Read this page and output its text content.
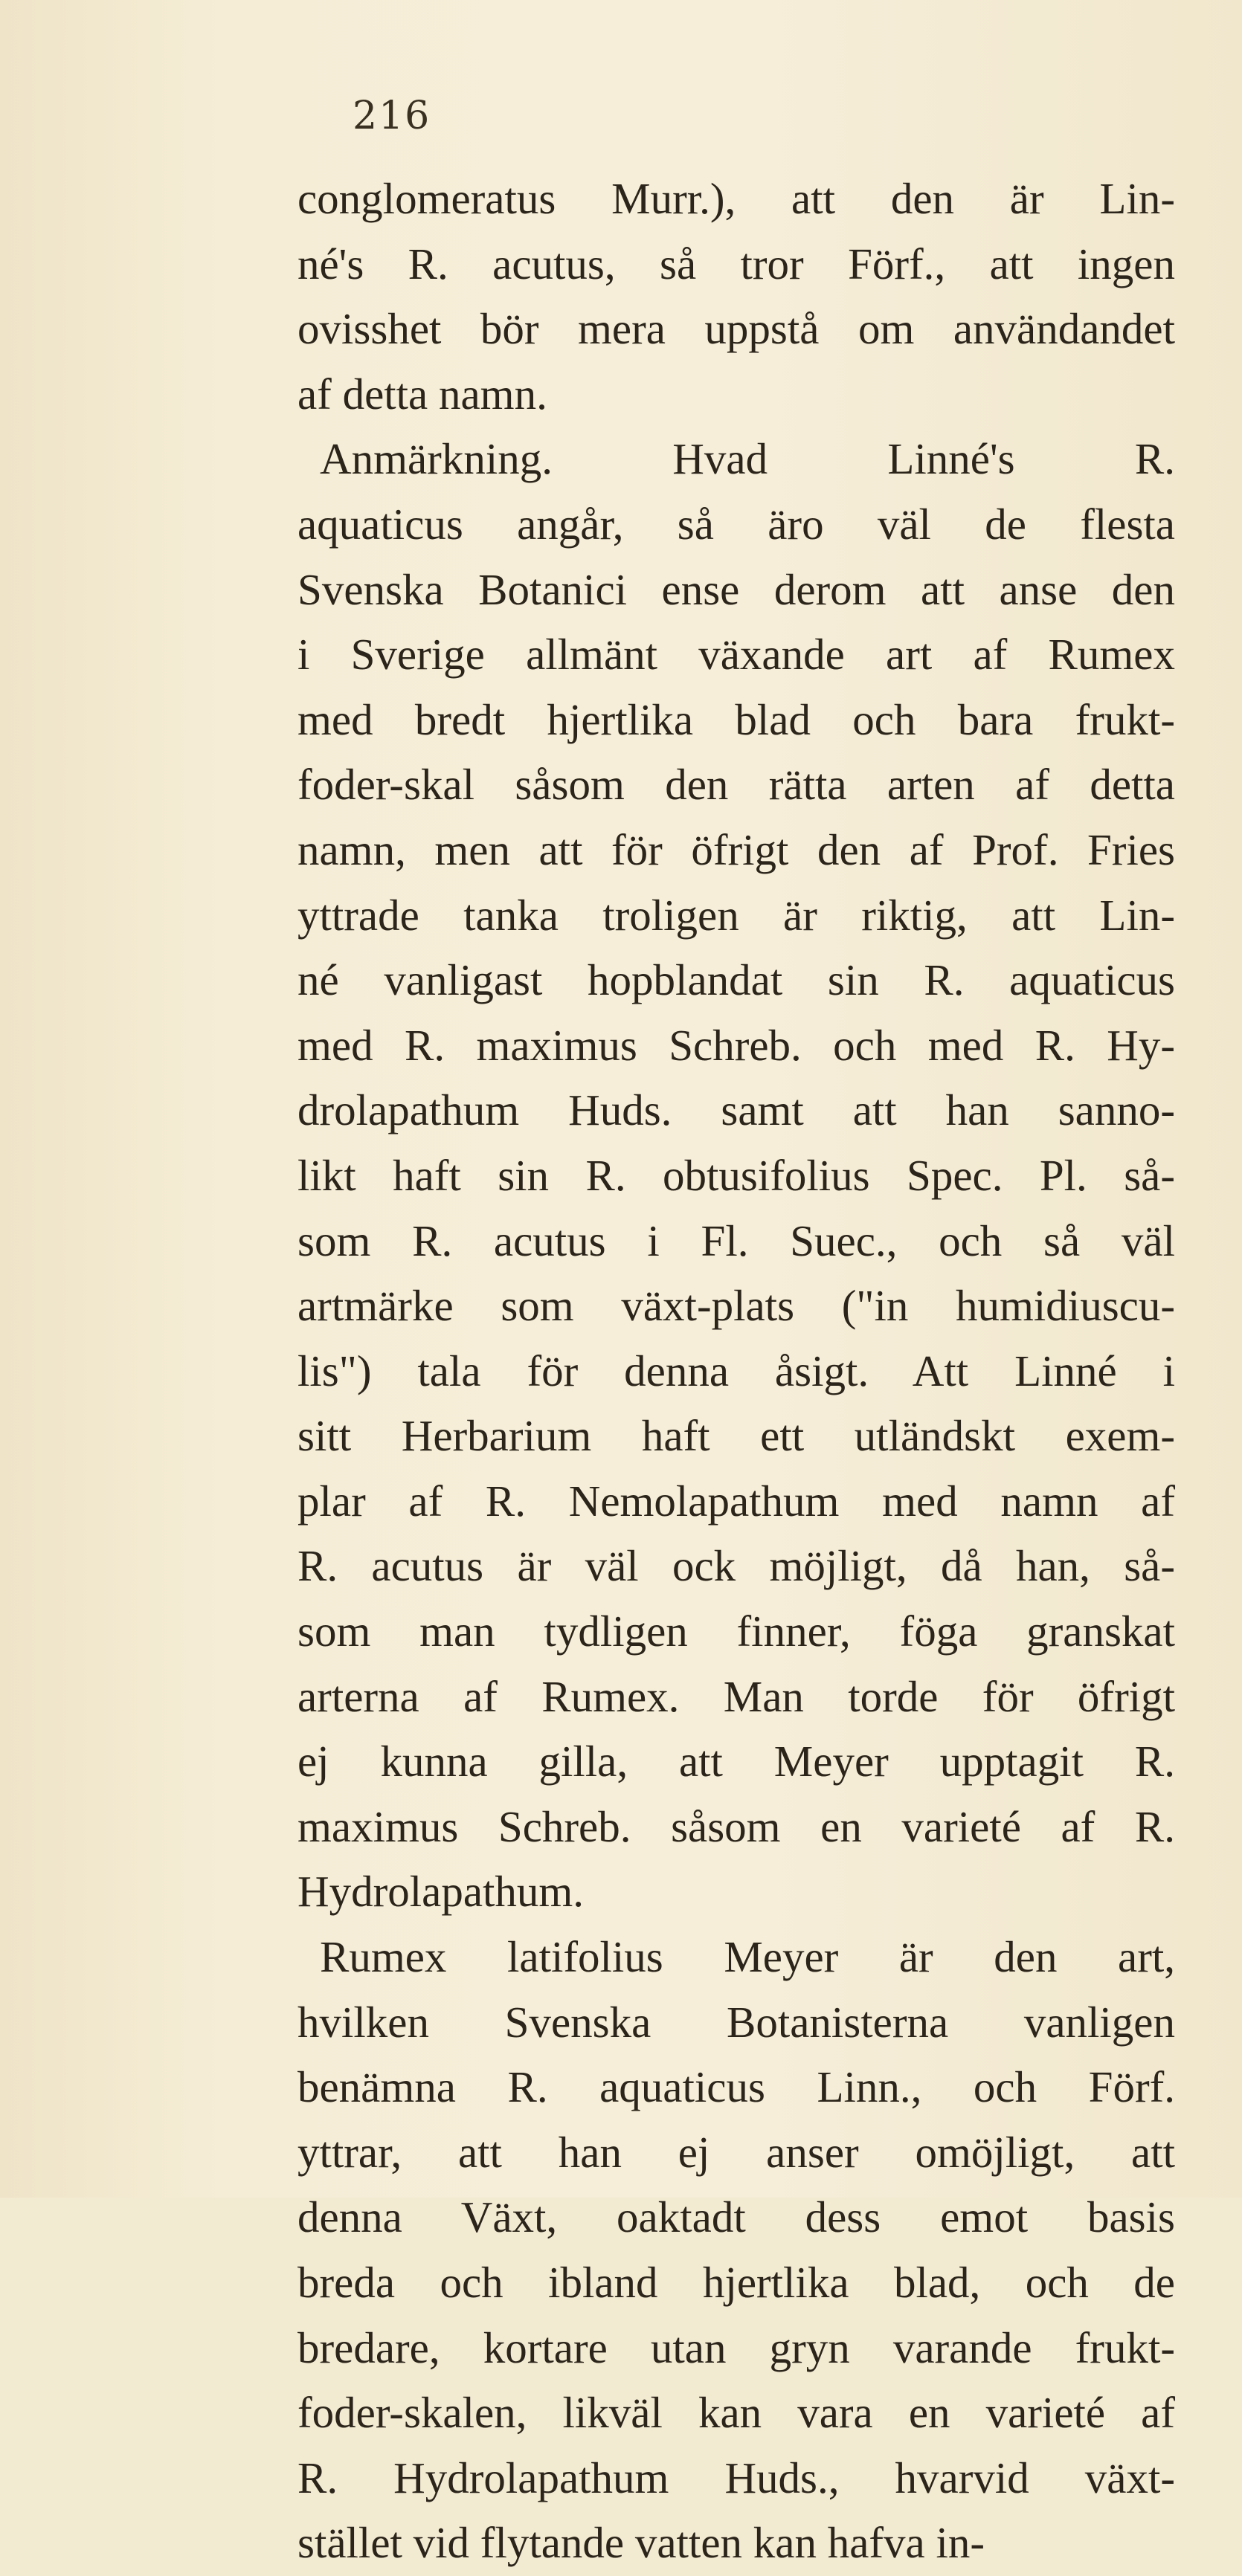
216
conglomeratus Murr.), att den är Lin-
né's R. acutus, så tror Förf., att ingen
ovisshet bör mera uppstå om användandet
af detta namn.
Anmärkning. Hvad Linné's R.
aquaticus angår, så äro väl de flesta
Svenska Botanici ense derom att anse den
i Sverige allmänt växande art af Rumex
med bredt hjertlika blad och bara frukt-
foder-skal såsom den rätta arten af detta
namn, men att för öfrigt den af Prof. Fries
yttrade tanka troligen är riktig, att Lin-
né vanligast hopblandat sin R. aquaticus
med R. maximus Schreb. och med R. Hy-
drolapathum Huds. samt att han sanno-
likt haft sin R. obtusifolius Spec. Pl. så-
som R. acutus i Fl. Suec., och så väl
artmärke som växt-plats ("in humidiuscu-
lis") tala för denna åsigt. Att Linné i
sitt Herbarium haft ett utländskt exem-
plar af R. Nemolapathum med namn af
R. acutus är väl ock möjligt, då han, så-
som man tydligen finner, föga granskat
arterna af Rumex. Man torde för öfrigt
ej kunna gilla, att Meyer upptagit R.
maximus Schreb. såsom en varieté af R.
Hydrolapathum.
Rumex latifolius Meyer är den art,
hvilken Svenska Botanisterna vanligen
benämna R. aquaticus Linn., och Förf.
yttrar, att han ej anser omöjligt, att
denna Växt, oaktadt dess emot basis
breda och ibland hjertlika blad, och de
bredare, kortare utan gryn varande frukt-
foder-skalen, likväl kan vara en varieté af
R. Hydrolapathum Huds., hvarvid växt-
stället vid flytande vatten kan hafva in-
